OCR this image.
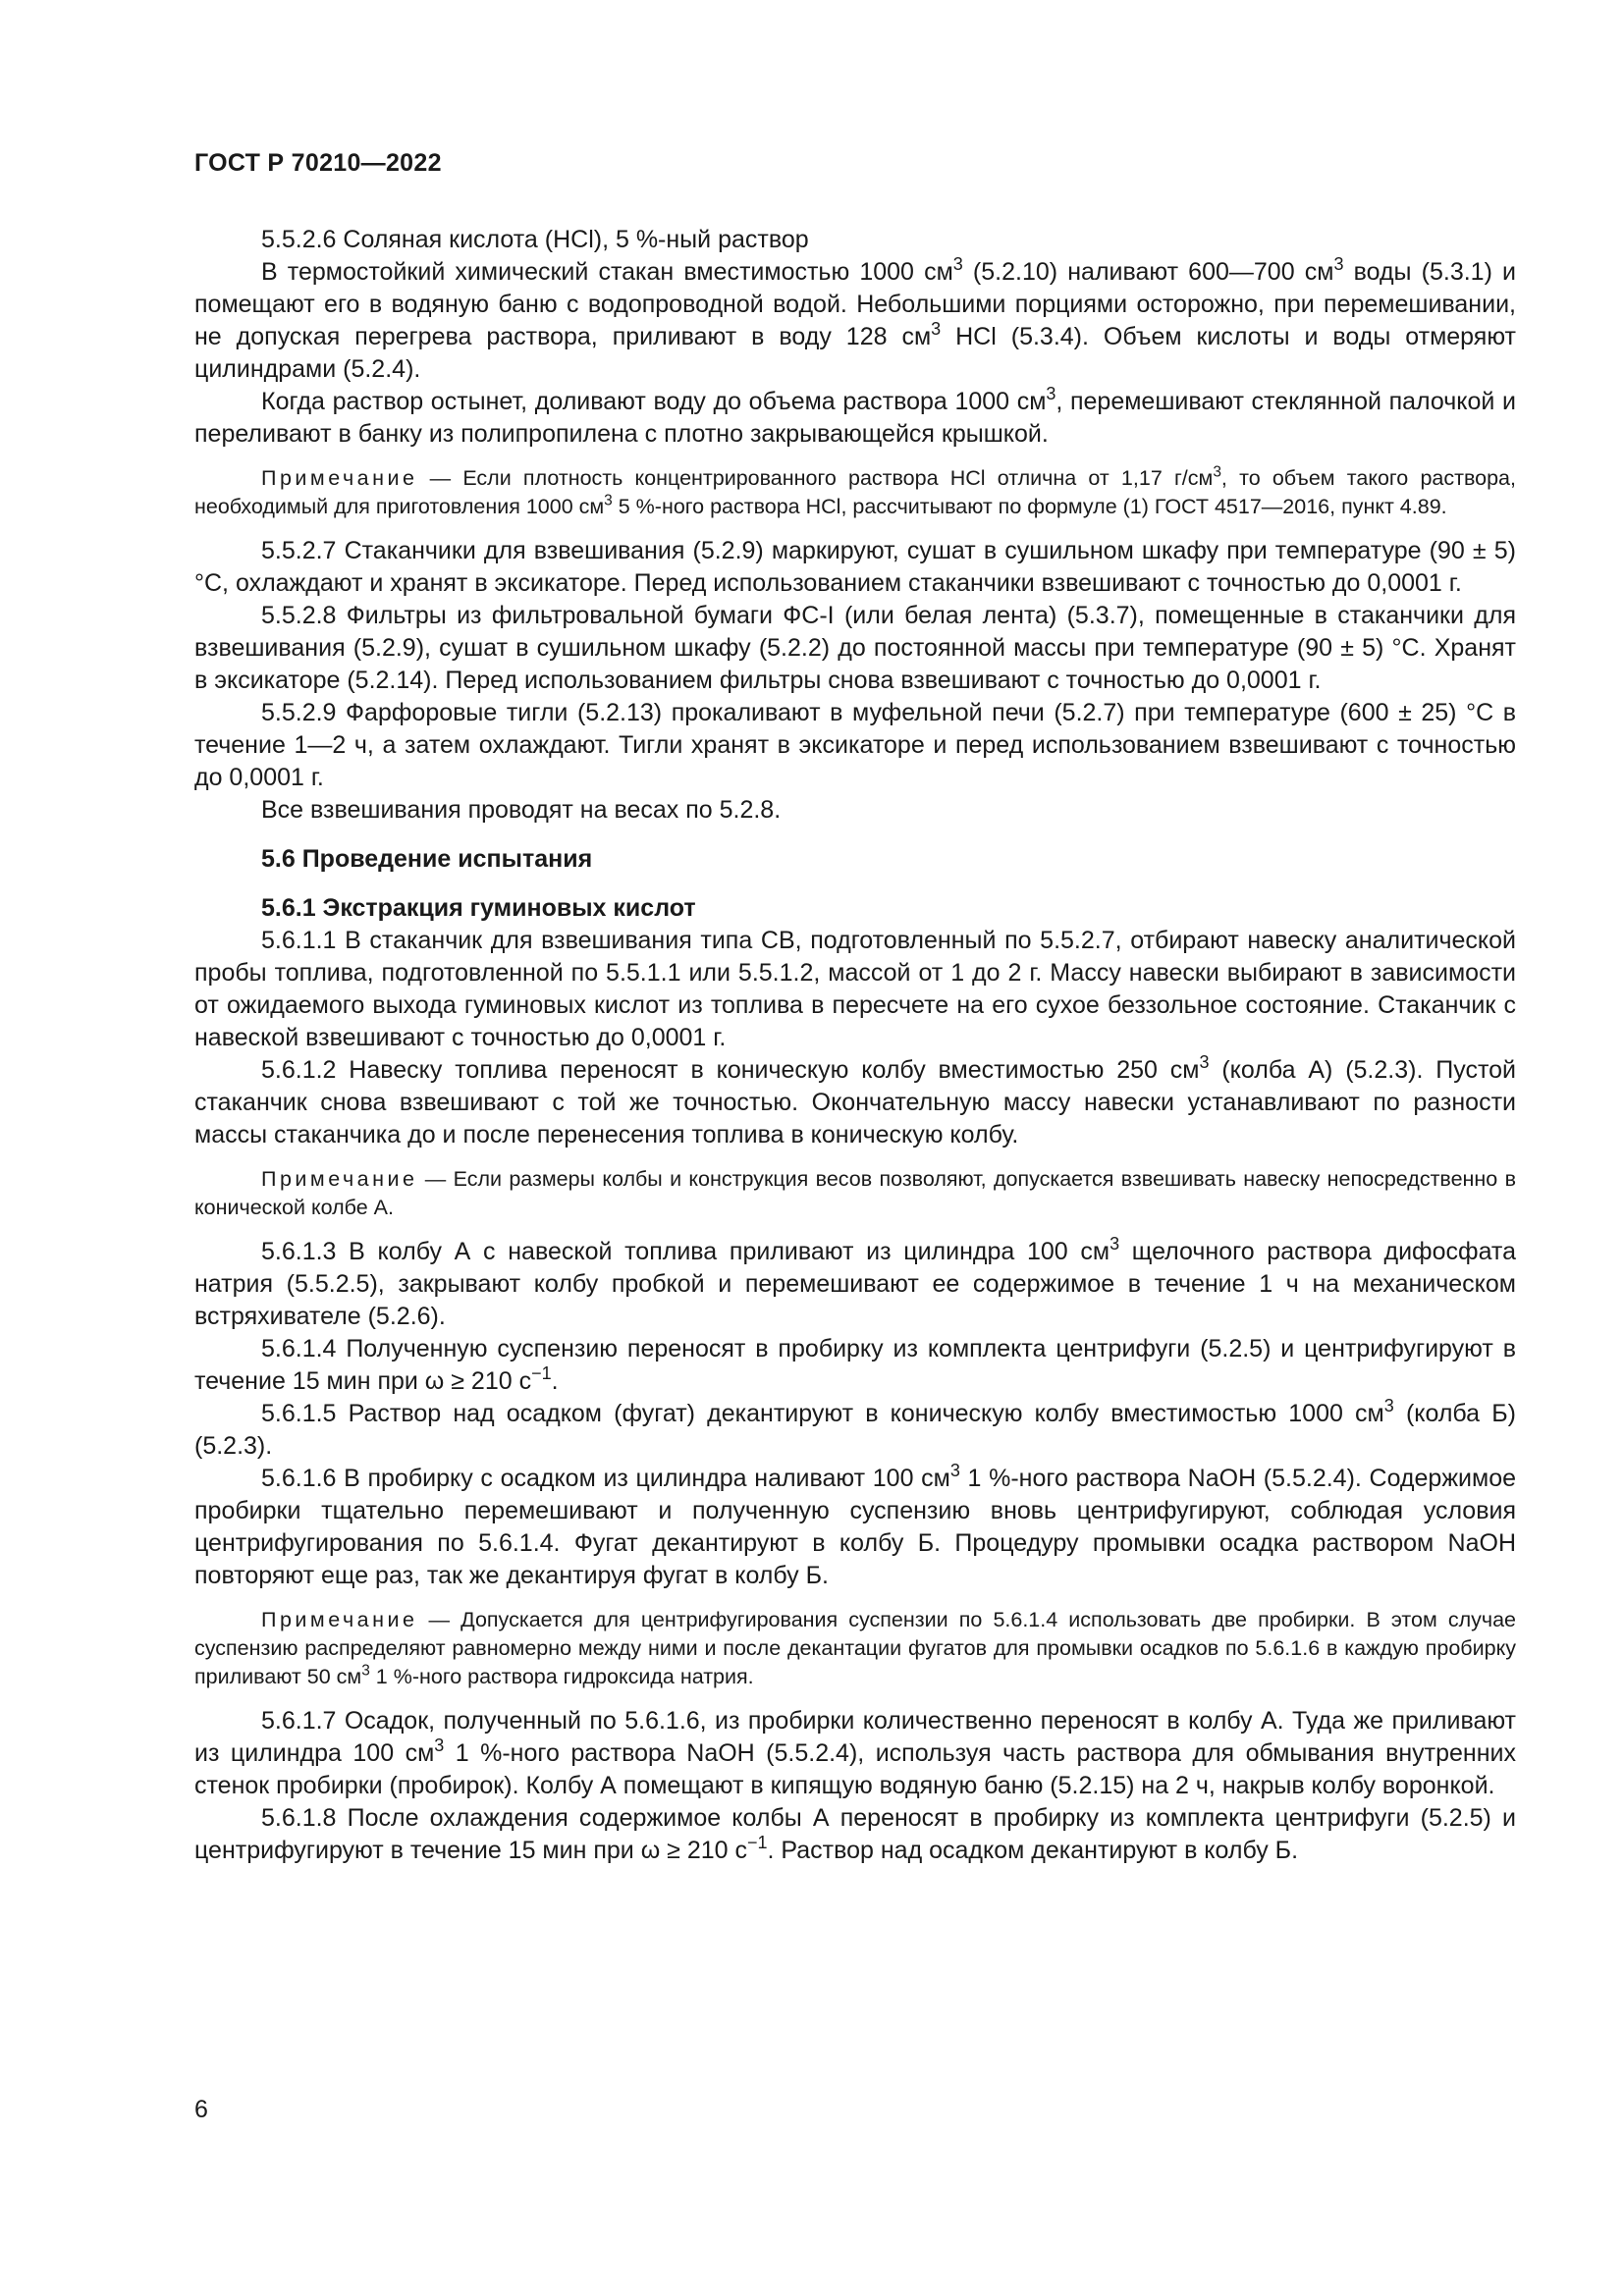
ГОСТ Р 70210—2022

5.5.2.6 Соляная кислота (HCl), 5 %-ный раствор

В термостойкий химический стакан вместимостью 1000 $см^3$ (5.2.10) наливают 600—700 $см^3$ воды (5.3.1) и помещают его в водяную баню с водопроводной водой. Небольшими порциями осторожно, при перемешивании, не допуская перегрева раствора, приливают в воду 128 $см^3$ HCl (5.3.4). Объем кислоты и воды отмеряют цилиндрами (5.2.4).

Когда раствор остынет, доливают воду до объема раствора 1000 $см^3$, перемешивают стеклянной палочкой и переливают в банку из полипропилена с плотно закрывающейся крышкой.

Примечание — Если плотность концентрированного раствора HCl отлична от 1,17 $г/см^3$, то объем такого раствора, необходимый для приготовления 1000 $см^3$ 5 %-ного раствора HCl, рассчитывают по формуле (1) ГОСТ 4517—2016, пункт 4.89.

5.5.2.7 Стаканчики для взвешивания (5.2.9) маркируют, сушат в сушильном шкафу при температуре (90 ± 5) °C, охлаждают и хранят в эксикаторе. Перед использованием стаканчики взвешивают с точностью до 0,0001 г.

5.5.2.8 Фильтры из фильтровальной бумаги ФС-I (или белая лента) (5.3.7), помещенные в стаканчики для взвешивания (5.2.9), сушат в сушильном шкафу (5.2.2) до постоянной массы при температуре (90 ± 5) °C. Хранят в эксикаторе (5.2.14). Перед использованием фильтры снова взвешивают с точностью до 0,0001 г.

5.5.2.9 Фарфоровые тигли (5.2.13) прокаливают в муфельной печи (5.2.7) при температуре (600 ± 25) °C в течение 1—2 ч, а затем охлаждают. Тигли хранят в эксикаторе и перед использованием взвешивают с точностью до 0,0001 г.

Все взвешивания проводят на весах по 5.2.8.

5.6 Проведение испытания

5.6.1 Экстракция гуминовых кислот

5.6.1.1 В стаканчик для взвешивания типа СВ, подготовленный по 5.5.2.7, отбирают навеску аналитической пробы топлива, подготовленной по 5.5.1.1 или 5.5.1.2, массой от 1 до 2 г. Массу навески выбирают в зависимости от ожидаемого выхода гуминовых кислот из топлива в пересчете на его сухое беззольное состояние. Стаканчик с навеской взвешивают с точностью до 0,0001 г.

5.6.1.2 Навеску топлива переносят в коническую колбу вместимостью 250 $см^3$ (колба А) (5.2.3). Пустой стаканчик снова взвешивают с той же точностью. Окончательную массу навески устанавливают по разности массы стаканчика до и после перенесения топлива в коническую колбу.

Примечание — Если размеры колбы и конструкция весов позволяют, допускается взвешивать навеску непосредственно в конической колбе А.

5.6.1.3 В колбу А с навеской топлива приливают из цилиндра 100 $см^3$ щелочного раствора дифосфата натрия (5.5.2.5), закрывают колбу пробкой и перемешивают ее содержимое в течение 1 ч на механическом встряхивателе (5.2.6).

5.6.1.4 Полученную суспензию переносят в пробирку из комплекта центрифуги (5.2.5) и центрифугируют в течение 15 мин при ω ≥ 210 $с^{-1}$.

5.6.1.5 Раствор над осадком (фугат) декантируют в коническую колбу вместимостью 1000 $см^3$ (колба Б) (5.2.3).

5.6.1.6 В пробирку с осадком из цилиндра наливают 100 $см^3$ 1 %-ного раствора NaOH (5.5.2.4). Содержимое пробирки тщательно перемешивают и полученную суспензию вновь центрифугируют, соблюдая условия центрифугирования по 5.6.1.4. Фугат декантируют в колбу Б. Процедуру промывки осадка раствором NaOH повторяют еще раз, так же декантируя фугат в колбу Б.

Примечание — Допускается для центрифугирования суспензии по 5.6.1.4 использовать две пробирки. В этом случае суспензию распределяют равномерно между ними и после декантации фугатов для промывки осадков по 5.6.1.6 в каждую пробирку приливают 50 $см^3$ 1 %-ного раствора гидроксида натрия.

5.6.1.7 Осадок, полученный по 5.6.1.6, из пробирки количественно переносят в колбу А. Туда же приливают из цилиндра 100 $см^3$ 1 %-ного раствора NaOH (5.5.2.4), используя часть раствора для обмывания внутренних стенок пробирки (пробирок). Колбу А помещают в кипящую водяную баню (5.2.15) на 2 ч, накрыв колбу воронкой.

5.6.1.8 После охлаждения содержимое колбы А переносят в пробирку из комплекта центрифуги (5.2.5) и центрифугируют в течение 15 мин при ω ≥ 210 $с^{-1}$. Раствор над осадком декантируют в колбу Б.

6
